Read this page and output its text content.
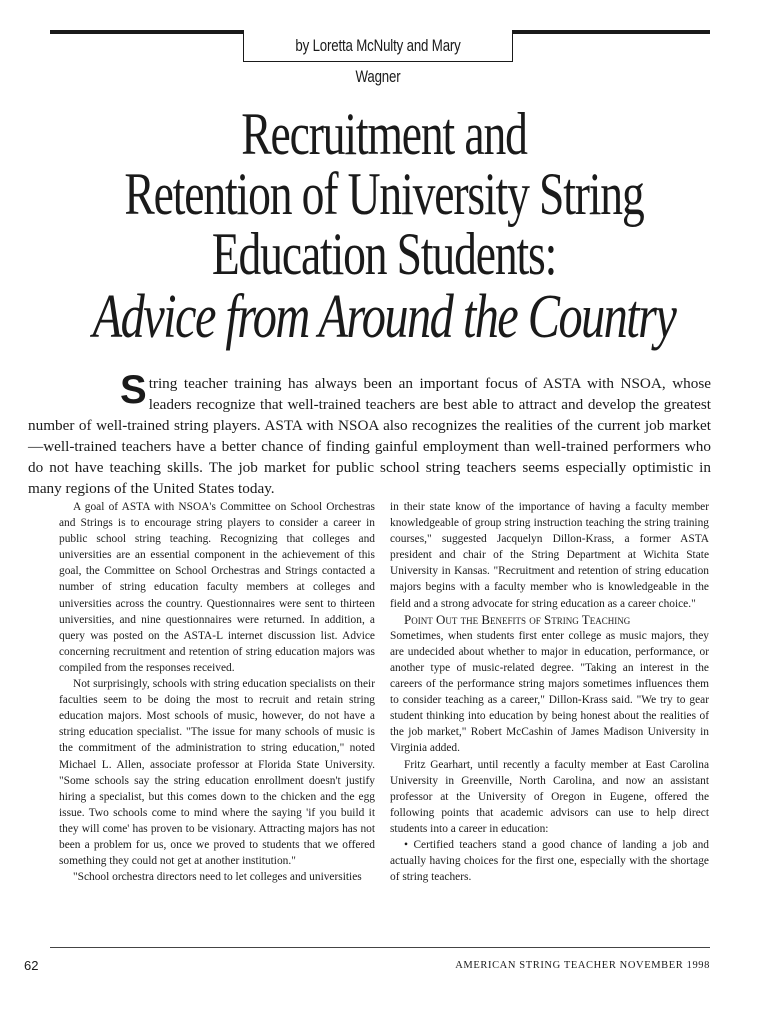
by Loretta McNulty and Mary Wagner
Recruitment and
Retention of University String
Education Students:
Advice from Around the Country
S tring teacher training has always been an important focus of ASTA with NSOA, whose leaders recognize that well-trained teachers are best able to attract and develop the greatest number of well-trained string players. ASTA with NSOA also recognizes the realities of the current job market—well-trained teachers have a better chance of finding gainful employment than well-trained performers who do not have teaching skills. The job market for public school string teachers seems especially optimistic in many regions of the United States today.

A goal of ASTA with NSOA's Committee on School Orchestras and Strings is to encourage string players to consider a career in public school string teaching. Recognizing that colleges and universities are an essential component in the achievement of this goal, the Committee on School Orchestras and Strings contacted a number of string education faculty members at colleges and universities across the country. Questionnaires were sent to thirteen universities, and nine questionnaires were returned. In addition, a query was posted on the ASTA-L internet discussion list. Advice concerning recruitment and retention of string education majors was compiled from the responses received.

Not surprisingly, schools with string education specialists on their faculties seem to be doing the most to recruit and retain string education majors. Most schools of music, however, do not have a string education specialist. "The issue for many schools of music is the commitment of the administration to string education," noted Michael L. Allen, associate professor at Florida State University. "Some schools say the string education enrollment doesn't justify hiring a specialist, but this comes down to the chicken and the egg issue. Two schools come to mind where the saying 'if you build it they will come' has proven to be visionary. Attracting majors has not been a problem for us, once we proved to students that we offered something they could not get at another institution."

"School orchestra directors need to let colleges and universities

in their state know of the importance of having a faculty member knowledgeable of group string instruction teaching the string training courses," suggested Jacquelyn Dillon-Krass, a former ASTA president and chair of the String Department at Wichita State University in Kansas. "Recruitment and retention of string education majors begins with a faculty member who is knowledgeable in the field and a strong advocate for string education as a career choice."

Point Out the Benefits of String Teaching

Sometimes, when students first enter college as music majors, they are undecided about whether to major in education, performance, or another type of music-related degree. "Taking an interest in the careers of the performance string majors sometimes influences them to consider teaching as a career," Dillon-Krass said. "We try to gear student thinking into education by being honest about the realities of the job market," Robert McCashin of James Madison University in Virginia added.

Fritz Gearhart, until recently a faculty member at East Carolina University in Greenville, North Carolina, and now an assistant professor at the University of Oregon in Eugene, offered the following points that academic advisors can use to help direct students into a career in education:

• Certified teachers stand a good chance of landing a job and actually having choices for the first one, especially with the shortage of string teachers.

62	AMERICAN STRING TEACHER NOVEMBER 1998
